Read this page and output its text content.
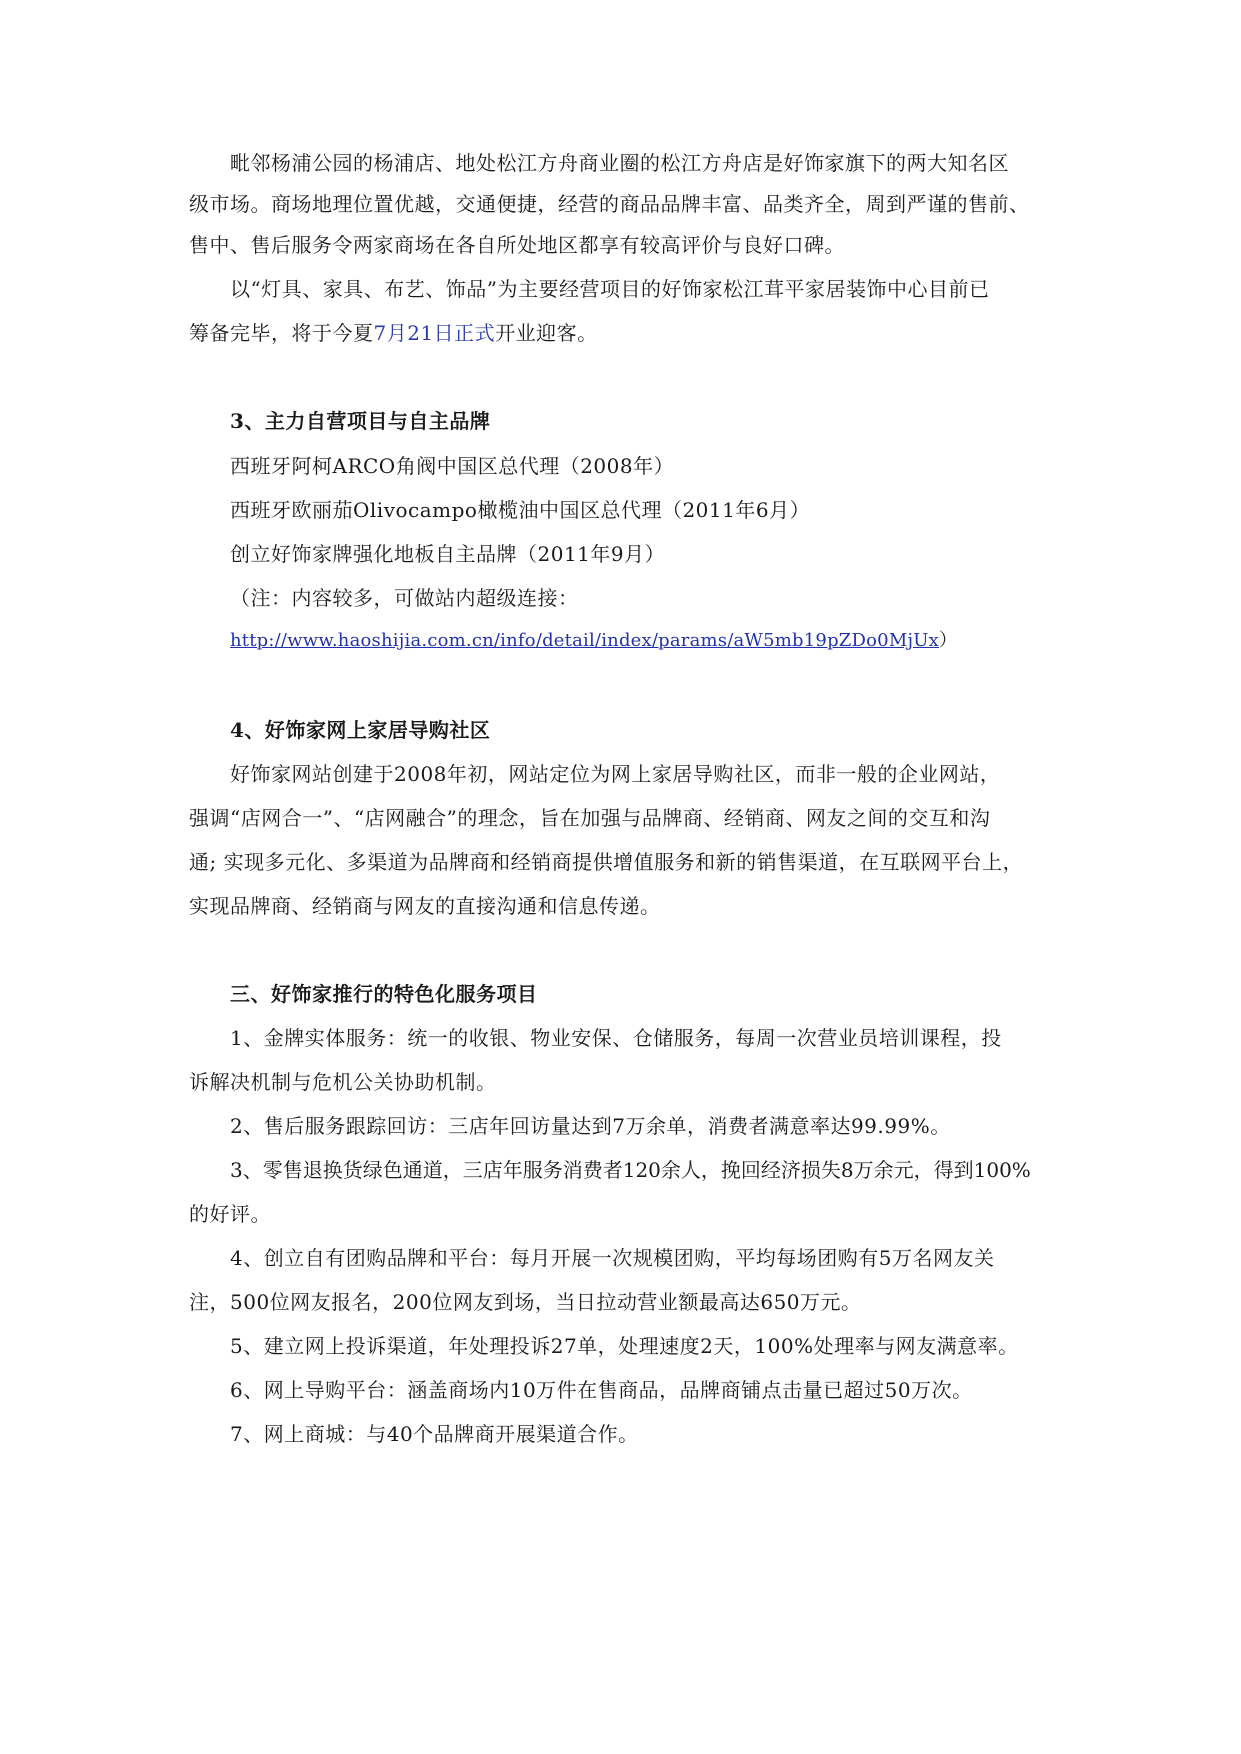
毗邻杨浦公园的杨浦店、地处松江方舟商业圈的松江方舟店是好饰家旗下的两大知名区
级市场。商场地理位置优越，交通便捷，经营的商品品牌丰富、品类齐全，周到严谨的售前、
售中、售后服务令两家商场在各自所处地区都享有较高评价与良好口碑。
以“灯具、家具、布艺、饰品”为主要经营项目的好饰家松江茸平家居装饰中心目前已
筹备完毕，将于今夏7月21日正式开业迎客。
3、主力自营项目与自主品牌
西班牙阿柯ARCO角阀中国区总代理（2008年）
西班牙欧丽茄Olivocampo橄榄油中国区总代理（2011年6月）
创立好饰家牌强化地板自主品牌（2011年9月）
（注：内容较多，可做站内超级连接：
http://www.haoshijia.com.cn/info/detail/index/params/aW5mb19pZDo0MjUx）
4、好饰家网上家居导购社区
好饰家网站创建于2008年初，网站定位为网上家居导购社区，而非一般的企业网站，
强调“店网合一”、“店网融合”的理念，旨在加强与品牌商、经销商、网友之间的交互和沟
通; 实现多元化、多渠道为品牌商和经销商提供增值服务和新的销售渠道，在互联网平台上，
实现品牌商、经销商与网友的直接沟通和信息传递。
三、好饰家推行的特色化服务项目
1、金牌实体服务：统一的收银、物业安保、仓储服务，每周一次营业员培训课程，投
诉解决机制与危机公关协助机制。
2、售后服务跟踪回访：三店年回访量达到7万余单，消费者满意率达99.99%。
3、零售退换货绿色通道，三店年服务消费者120余人，挽回经济损失8万余元，得到100%
的好评。
4、创立自有团购品牌和平台：每月开展一次规模团购，平均每场团购有5万名网友关
注，500位网友报名，200位网友到场，当日拉动营业额最高达650万元。
5、建立网上投诉渠道，年处理投诉27单，处理速度2天，100%处理率与网友满意率。
6、网上导购平台：涵盖商场内10万件在售商品，品牌商铺点击量已超过50万次。
7、网上商城：与40个品牌商开展渠道合作。
